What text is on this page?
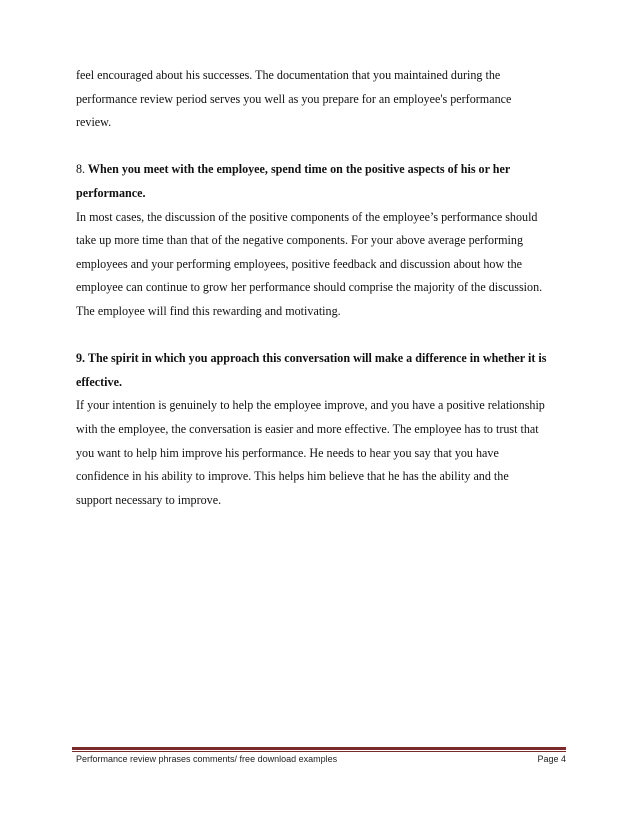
feel encouraged about his successes. The documentation that you maintained during the

performance review period serves you well as you prepare for an employee's performance

review.

8. When you meet with the employee, spend time on the positive aspects of his or her

performance.

In most cases, the discussion of the positive components of the employee’s performance should

take up more time than that of the negative components. For your above average performing

employees and your performing employees, positive feedback and discussion about how the

employee can continue to grow her performance should comprise the majority of the discussion.

The employee will find this rewarding and motivating.

9. The spirit in which you approach this conversation will make a difference in whether it is

effective.

If your intention is genuinely to help the employee improve, and you have a positive relationship

with the employee, the conversation is easier and more effective. The employee has to trust that

you want to help him improve his performance. He needs to hear you say that you have

confidence in his ability to improve. This helps him believe that he has the ability and the

support necessary to improve.

Performance review phrases comments/ free download examples	Page 4
